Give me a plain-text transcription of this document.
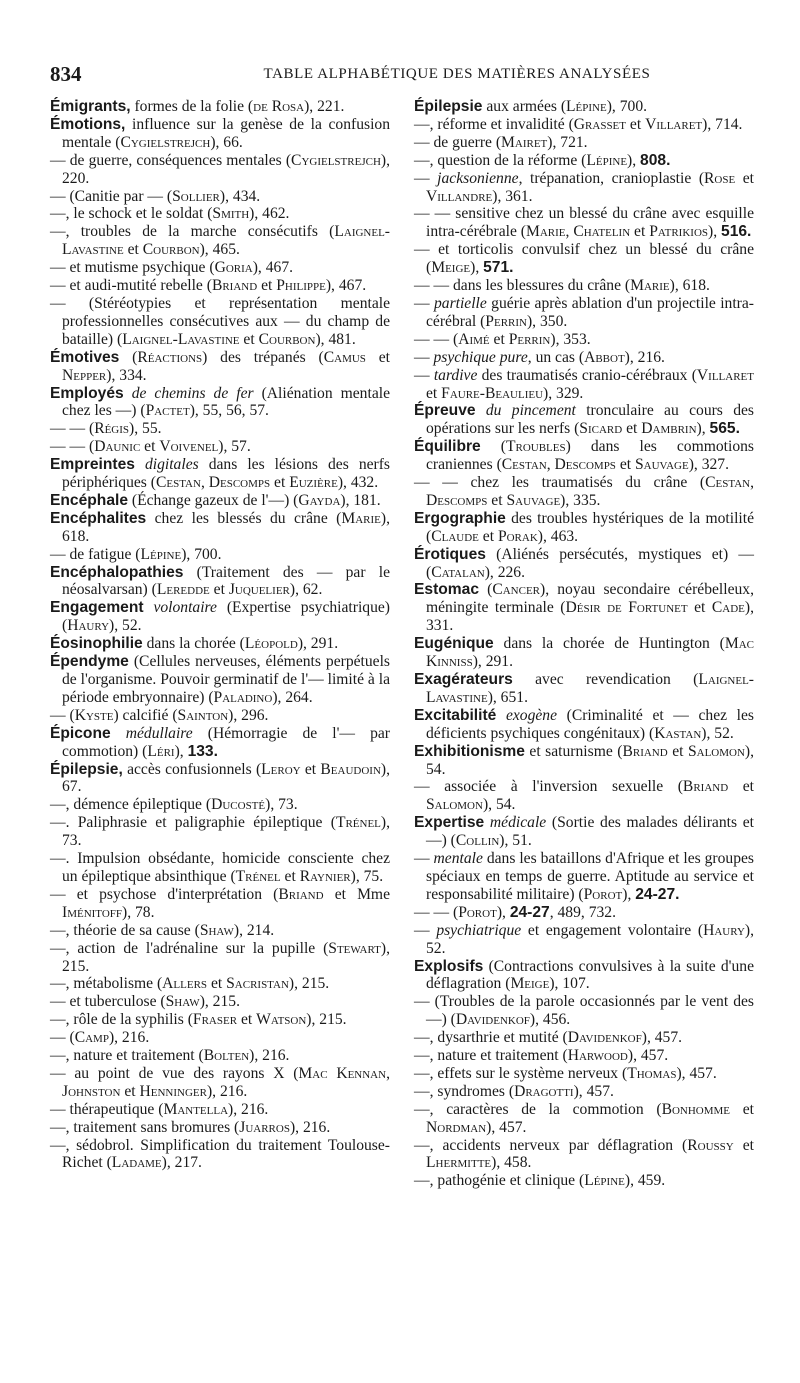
834	TABLE ALPHABÉTIQUE DES MATIÈRES ANALYSÉES

Émigrants, formes de la folie (de Rosa), 221.

Émotions, influence sur la genèse de la confusion mentale (Cygielstrejch), 66.

— de guerre, conséquences mentales (Cygielstrejch), 220.

— (Canitie par — (Sollier), 434.

—, le schock et le soldat (Smith), 462.

—, troubles de la marche consécutifs (Laignel-Lavastine et Courbon), 465.

— et mutisme psychique (Goria), 467.

— et audi-mutité rebelle (Briand et Philippe), 467.

— (Stéréotypies et représentation mentale professionnelles consécutives aux — du champ de bataille) (Laignel-Lavastine et Courbon), 481.

Émotives (Réactions) des trépanés (Camus et Nepper), 334.

Employés de chemins de fer (Aliénation mentale chez les —) (Pactet), 55, 56, 57.

— — (Régis), 55.

— — (Daunic et Voivenel), 57.

Empreintes digitales dans les lésions des nerfs périphériques (Cestan, Descomps et Euzière), 432.

Encéphale (Échange gazeux de l'—) (Gayda), 181.

Encéphalites chez les blessés du crâne (Marie), 618.

— de fatigue (Lépine), 700.

Encéphalopathies (Traitement des — par le néosalvarsan) (Leredde et Juquelier), 62.

Engagement volontaire (Expertise psychiatrique) (Haury), 52.

Éosinophilie dans la chorée (Léopold), 291.

Épendyme (Cellules nerveuses, éléments perpétuels de l'organisme. Pouvoir germinatif de l'— limité à la période embryonnaire) (Paladino), 264.

— (Kyste) calcifié (Sainton), 296.

Épicone médullaire (Hémorragie de l'— par commotion) (Léri), 133.

Épilepsie, accès confusionnels (Leroy et Beaudoin), 67.

—, démence épileptique (Ducosté), 73.

—. Paliphrasie et paligraphie épileptique (Trénel), 73.

—. Impulsion obsédante, homicide consciente chez un épileptique absinthique (Trénel et Raynier), 75.

— et psychose d'interprétation (Briand et Mme Iménitoff), 78.

—, théorie de sa cause (Shaw), 214.

—, action de l'adrénaline sur la pupille (Stewart), 215.

—, métabolisme (Allers et Sacristan), 215.

— et tuberculose (Shaw), 215.

—, rôle de la syphilis (Fraser et Watson), 215.

— (Camp), 216.

—, nature et traitement (Bolten), 216.

— au point de vue des rayons X (Mac Kennan, Johnston et Henninger), 216.

— thérapeutique (Mantella), 216.

—, traitement sans bromures (Juarros), 216.

—, sédobrol. Simplification du traitement Toulouse-Richet (Ladame), 217.

Épilepsie aux armées (Lépine), 700.

—, réforme et invalidité (Grasset et Villaret), 714.

— de guerre (Mairet), 721.

—, question de la réforme (Lépine), 808.

— jacksonienne, trépanation, cranioplastie (Rose et Villandre), 361.

— — sensitive chez un blessé du crâne avec esquille intra-cérébrale (Marie, Chatelin et Patrikios), 516.

— et torticolis convulsif chez un blessé du crâne (Meige), 571.

— — dans les blessures du crâne (Marie), 618.

— partielle guérie après ablation d'un projectile intra-cérébral (Perrin), 350.

— — (Aimé et Perrin), 353.

— psychique pure, un cas (Abbot), 216.

— tardive des traumatisés cranio-cérébraux (Villaret et Faure-Beaulieu), 329.

Épreuve du pincement tronculaire au cours des opérations sur les nerfs (Sicard et Dambrin), 565.

Équilibre (Troubles) dans les commotions craniennes (Cestan, Descomps et Sauvage), 327.

— — chez les traumatisés du crâne (Cestan, Descomps et Sauvage), 335.

Ergographie des troubles hystériques de la motilité (Claude et Porak), 463.

Érotiques (Aliénés persécutés, mystiques et) — (Catalan), 226.

Estomac (Cancer), noyau secondaire cérébelleux, méningite terminale (Désir de Fortunet et Cade), 331.

Eugénique dans la chorée de Huntington (Mac Kinniss), 291.

Exagérateurs avec revendication (Laignel-Lavastine), 651.

Excitabilité exogène (Criminalité et — chez les déficients psychiques congénitaux) (Kastan), 52.

Exhibitionisme et saturnisme (Briand et Salomon), 54.

— associée à l'inversion sexuelle (Briand et Salomon), 54.

Expertise médicale (Sortie des malades délirants et —) (Collin), 51.

— mentale dans les bataillons d'Afrique et les groupes spéciaux en temps de guerre. Aptitude au service et responsabilité militaire) (Porot), 24-27.

— — (Porot), 24-27, 489, 732.

— psychiatrique et engagement volontaire (Haury), 52.

Explosifs (Contractions convulsives à la suite d'une déflagration (Meige), 107.

— (Troubles de la parole occasionnés par le vent des —) (Davidenkof), 456.

—, dysarthrie et mutité (Davidenkof), 457.

—, nature et traitement (Harwood), 457.

—, effets sur le système nerveux (Thomas), 457.

—, syndromes (Dragotti), 457.

—, caractères de la commotion (Bonhomme et Nordman), 457.

—, accidents nerveux par déflagration (Roussy et Lhermitte), 458.

—, pathogénie et clinique (Lépine), 459.
